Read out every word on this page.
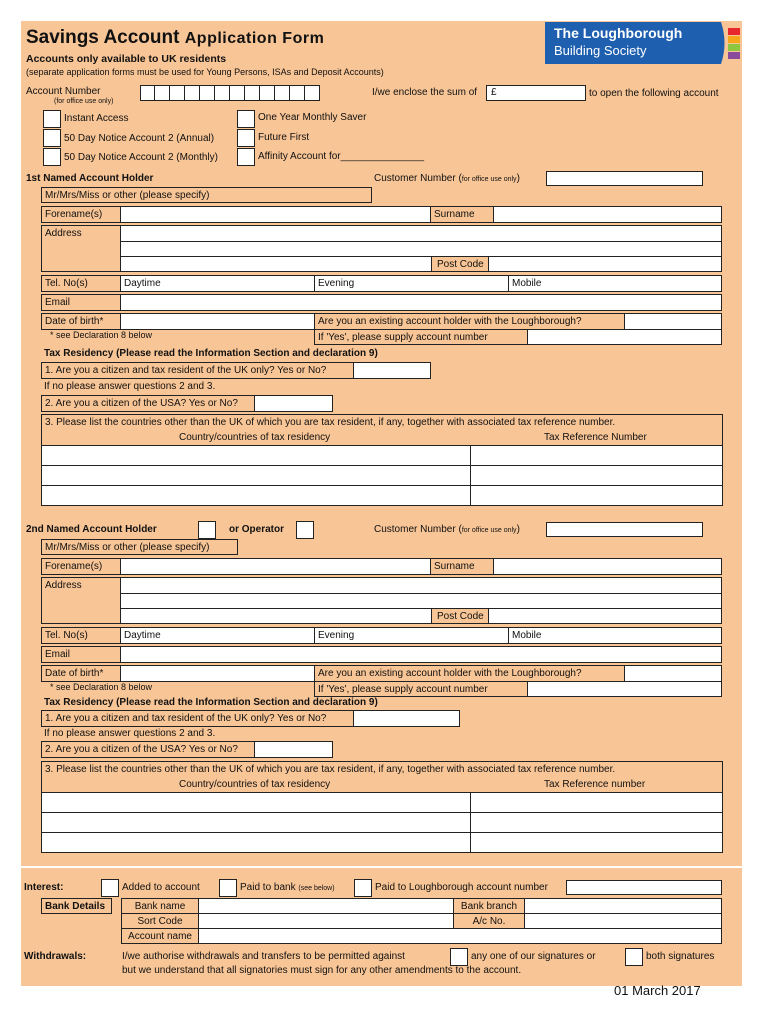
Savings Account Application Form
Accounts only available to UK residents
(separate application forms must be used for Young Persons, ISAs and Deposit Accounts)
The Loughborough
Building Society
Account Number
(for office use only)
I/we enclose the sum of £	to open the following account
Instant Access	One Year Monthly Saver
50 Day Notice Account 2 (Annual)	Future First
50 Day Notice Account 2 (Monthly)	Affinity Account for_______________
1st Named Account Holder	Customer Number (for office use only)
Mr/Mrs/Miss or other (please specify)
Forename(s)	Surname
Address
Post Code
Tel. No(s)	Daytime	Evening	Mobile
Email
Date of birth*
* see Declaration 8 below
Are you an existing account holder with the Loughborough?
If 'Yes', please supply account number
Tax Residency (Please read the Information Section and declaration 9)
1. Are you a citizen and tax resident of the UK only? Yes or No?
If no please answer questions 2 and 3.
2. Are you a citizen of the USA? Yes or No?
3. Please list the countries other than the UK of which you are tax resident, if any, together with associated tax reference number.
Country/countries of tax residency	Tax Reference Number
2nd Named Account Holder	or Operator	Customer Number (for office use only)
Mr/Mrs/Miss or other (please specify)
Forename(s)	Surname
Address
Post Code
Tel. No(s)	Daytime	Evening	Mobile
Email
Date of birth*
* see Declaration 8 below
Are you an existing account holder with the Loughborough?
If 'Yes', please supply account number
Tax Residency (Please read the Information Section and declaration 9)
1. Are you a citizen and tax resident of the UK only? Yes or No?
If no please answer questions 2 and 3.
2. Are you a citizen of the USA? Yes or No?
3. Please list the countries other than the UK of which you are tax resident, if any, together with associated tax reference number.
Country/countries of tax residency	Tax Reference number
Interest:	Added to account	Paid to bank (see below)	Paid to Loughborough account number
Bank Details	Bank name	Bank branch
Sort Code	A/c No.
Account name
Withdrawals:	I/we authorise withdrawals and transfers to be permitted against	any one of our signatures or	both signatures
but we understand that all signatories must sign for any other amendments to the account.
01 March 2017
